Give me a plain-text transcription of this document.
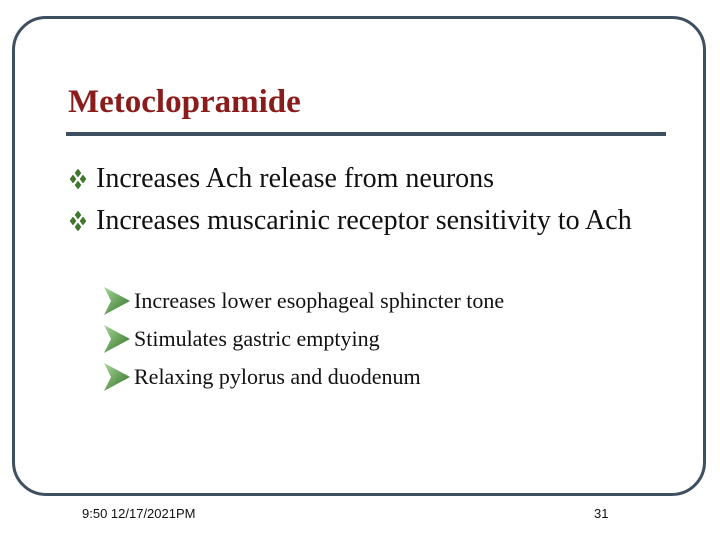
Metoclopramide
Increases Ach release from neurons
Increases muscarinic receptor sensitivity to Ach
Increases lower esophageal sphincter tone
Stimulates gastric emptying
Relaxing pylorus and duodenum
9:50 12/17/2021PM	31
